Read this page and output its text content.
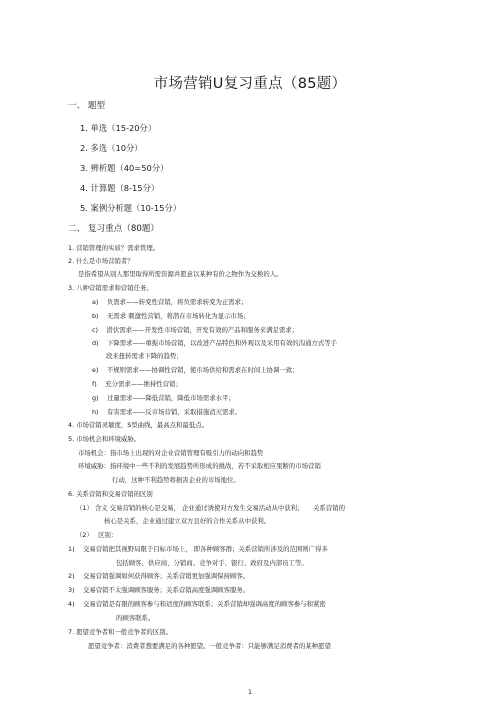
市场营销U复习重点（85题）
一、 题型
1. 单选（15-20分）
2. 多选（10分）
3. 辨析题（40=50分）
4. 计算题（8-15分）
5. 案例分析题（10-15分）
二、 复习重点（80题）
1. 营销管理的实质？需求管理。
2. 什么是市场营销者？
是指希望从别人那里取得所需资源并愿意以某种有价之物作为交换的人。
3. 八种营销需求和营销任务。
a)　 负需求——转变性营销，将负需求转变为正需求；
b)　 无需求 刺激性营销，将潜在市场转化为显示市场；
c)　 潜伏需求——开发性市场营销，开发有效的产品和服务来满足需求；
d)　 下降需求——重振市场营销，以改进产品特色和外观以及采用有效的沟通方式等手
段来扭转需求下降的趋势；
e)　 不规则需求——协调性营销，使市场供给和需求在时间上协调一致；
f)　 充分需求——维持性营销；
g)　 过量需求——降低营销，降低市场需求水平；
h)　 有害需求——反市场营销，采取措施消灭需求。
4. 市场营销灵敏度，S型曲线，最高点和最低点。
5. 市场机会和环境威胁。
市场机会：指市场上出现的对企业营销管理有吸引力的动向和趋势
环境威胁：指环境中一些不利的发展趋势所形成的挑战，若不采取相应果断的市场营销
行动，这种不利趋势将损害企业的市场地位。
6. 关系营销和交易营销的区别
（1） 含义 交易营销的核心是交易， 企业通过诱使对方发生交易活动从中获利；　　关系营销的
核心是关系，企业通过建立双方良好的合作关系从中获利。
（2）　 区别：
1)　 交易营销把其视野局限于目标市场上， 即各种顾客群；关系营销所涉及的范围则广得多
包括顾客、供应商、分销商、竞争对手、银行、政府及内部员工等。
2)　 交易营销强调如何获得顾客；关系营销更加强调保持顾客。
3)　 交易营销不太强调顾客服务；关系营销高度强调顾客服务。
4)　 交易营销是有限的顾客参与和适度的顾客联系；关系营销却强调高度的顾客参与和紧密
的顾客联系。
7. 愿望竞争者和一般竞争者的区别。
愿望竞争者：消费者想要满足的各种愿望。一般竞争者：只能够满足消费者的某种愿望
1
